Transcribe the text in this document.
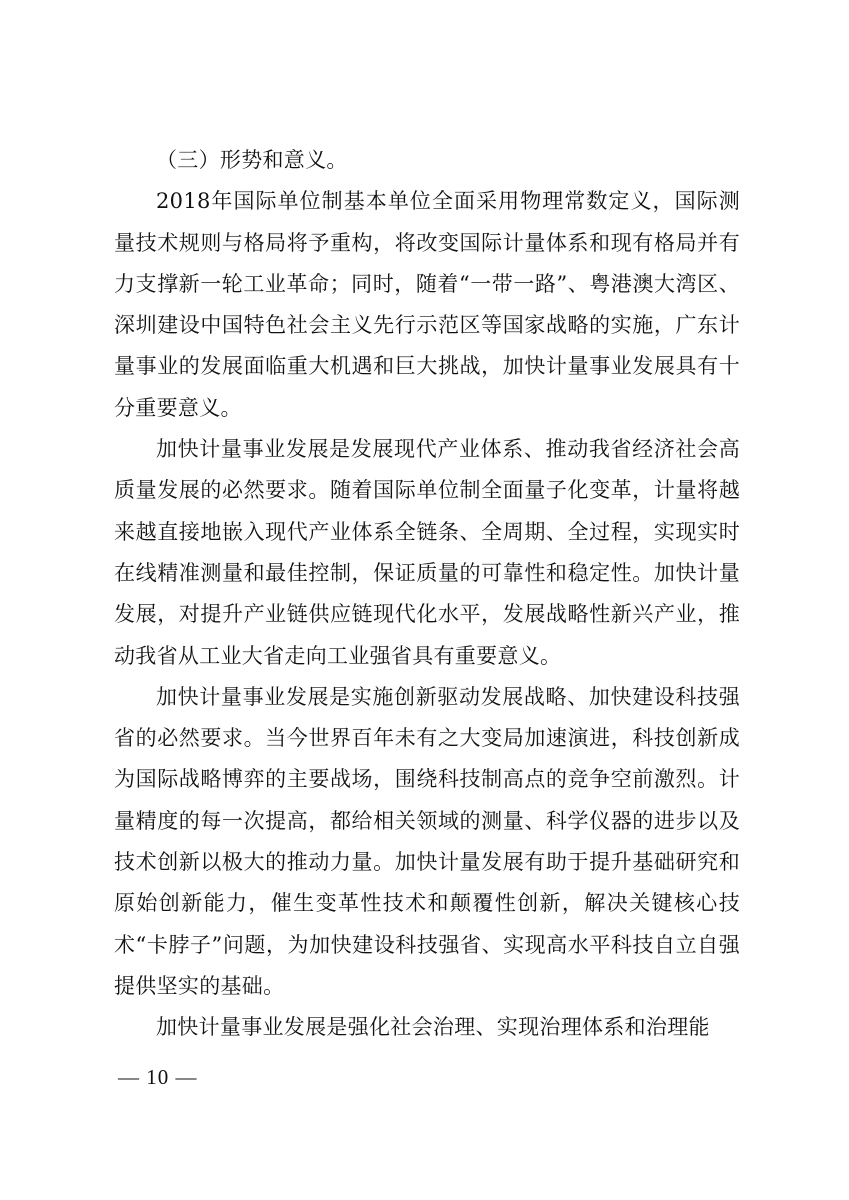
（三）形势和意义。

2018年国际单位制基本单位全面采用物理常数定义，国际测量技术规则与格局将予重构，将改变国际计量体系和现有格局并有力支撑新一轮工业革命；同时，随着“一带一路”、粤港澳大湾区、深圳建设中国特色社会主义先行示范区等国家战略的实施，广东计量事业的发展面临重大机遇和巨大挑战，加快计量事业发展具有十分重要意义。

加快计量事业发展是发展现代产业体系、推动我省经济社会高质量发展的必然要求。随着国际单位制全面量子化变革，计量将越来越直接地嵌入现代产业体系全链条、全周期、全过程，实现实时在线精准测量和最佳控制，保证质量的可靠性和稳定性。加快计量发展，对提升产业链供应链现代化水平，发展战略性新兴产业，推动我省从工业大省走向工业强省具有重要意义。

加快计量事业发展是实施创新驱动发展战略、加快建设科技强省的必然要求。当今世界百年未有之大变局加速演进，科技创新成为国际战略博弈的主要战场，围绕科技制高点的竞争空前激烈。计量精度的每一次提高，都给相关领域的测量、科学仪器的进步以及技术创新以极大的推动力量。加快计量发展有助于提升基础研究和原始创新能力，催生变革性技术和颠覆性创新，解决关键核心技术“卡脖子”问题，为加快建设科技强省、实现高水平科技自立自强提供坚实的基础。

加快计量事业发展是强化社会治理、实现治理体系和治理能

— 10 —
